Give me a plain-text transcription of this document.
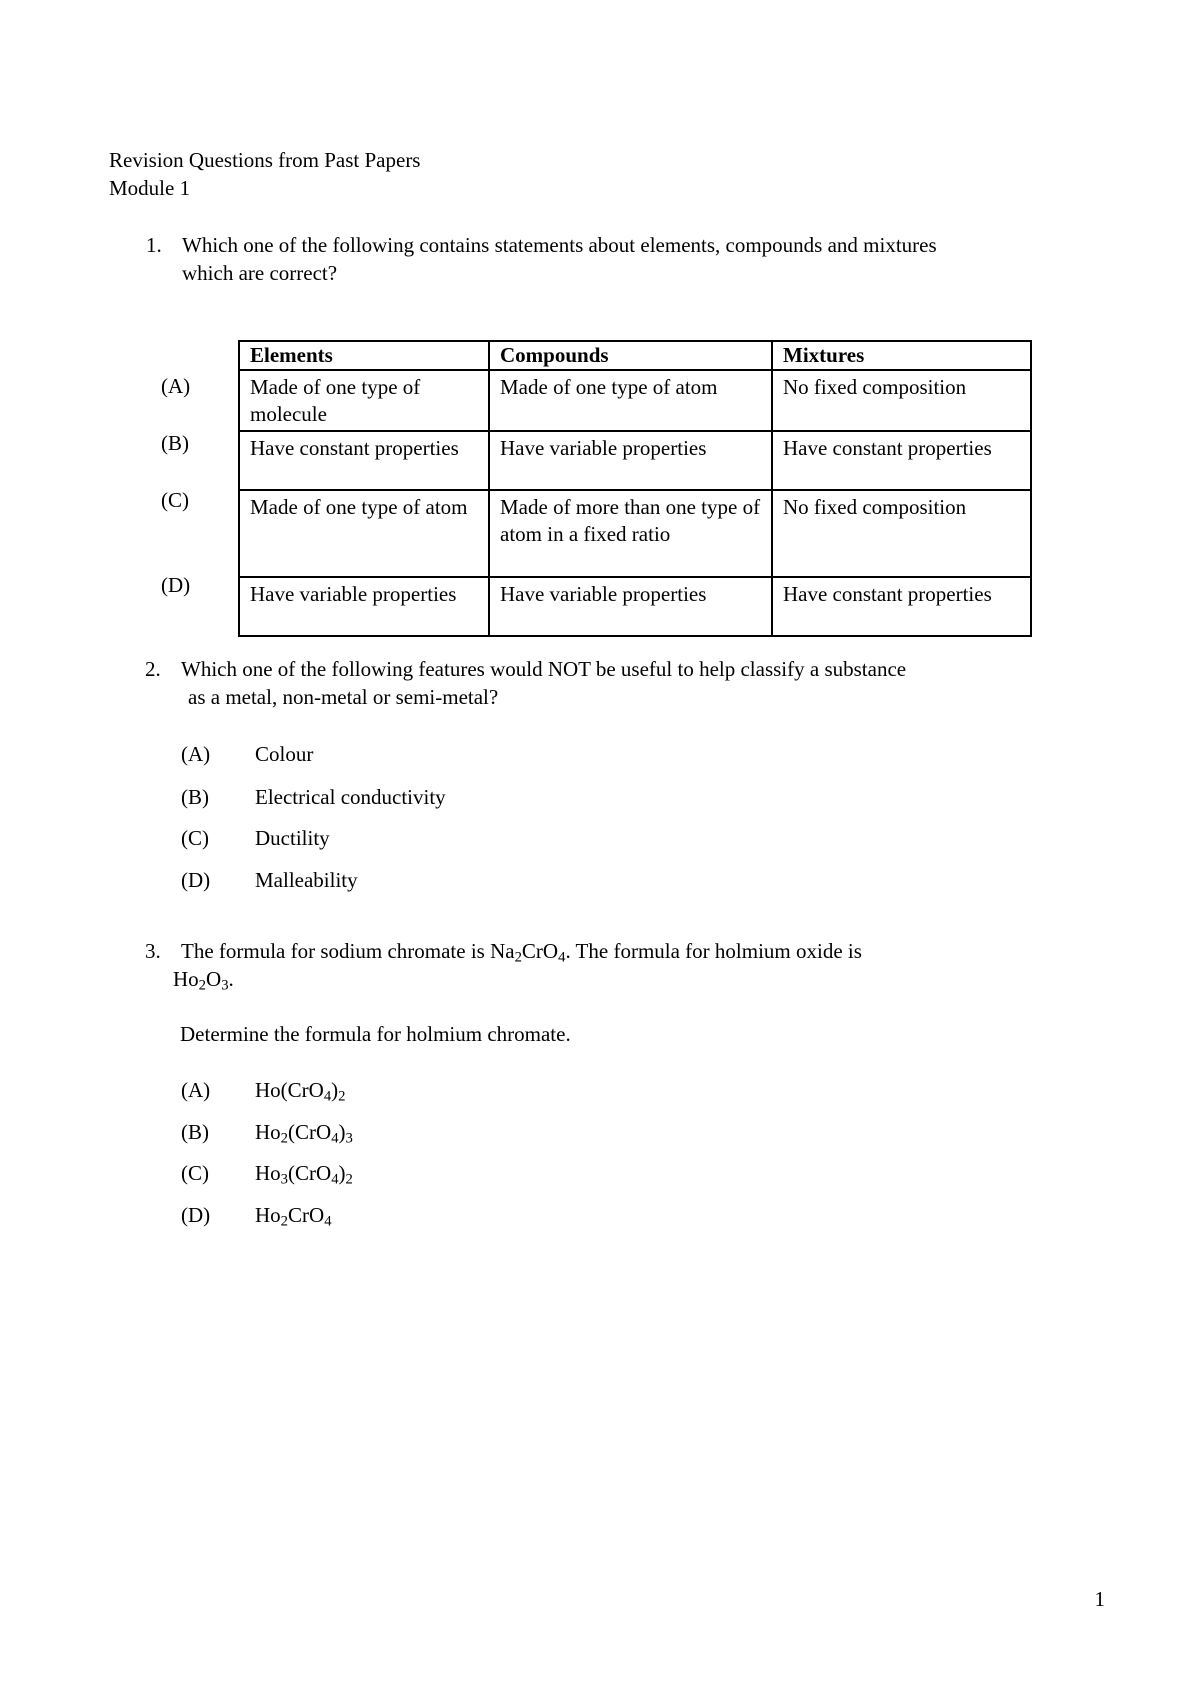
Revision Questions from Past Papers
Module 1
1. Which one of the following contains statements about elements, compounds and mixtures
which are correct?
(A)
(B)
(C)
(D)
Elements	Compounds	Mixtures
Made of one type of molecule	Made of one type of atom	No fixed composition
Have constant properties	Have variable properties	Have constant properties
Made of one type of atom	Made of more than one type of atom in a fixed ratio	No fixed composition
Have variable properties	Have variable properties	Have constant properties
2. Which one of the following features would NOT be useful to help classify a substance
as a metal, non-metal or semi-metal?
(A) Colour
(B) Electrical conductivity
(C) Ductility
(D) Malleability
3. The formula for sodium chromate is $Na_2CrO_4$. The formula for holmium oxide is
$Ho_2O_3$.
Determine the formula for holmium chromate.
(A) $Ho(CrO_4)_2$
(B) $Ho_2(CrO_4)_3$
(C) $Ho_3(CrO_4)_2$
(D) $Ho_2CrO_4$
1
